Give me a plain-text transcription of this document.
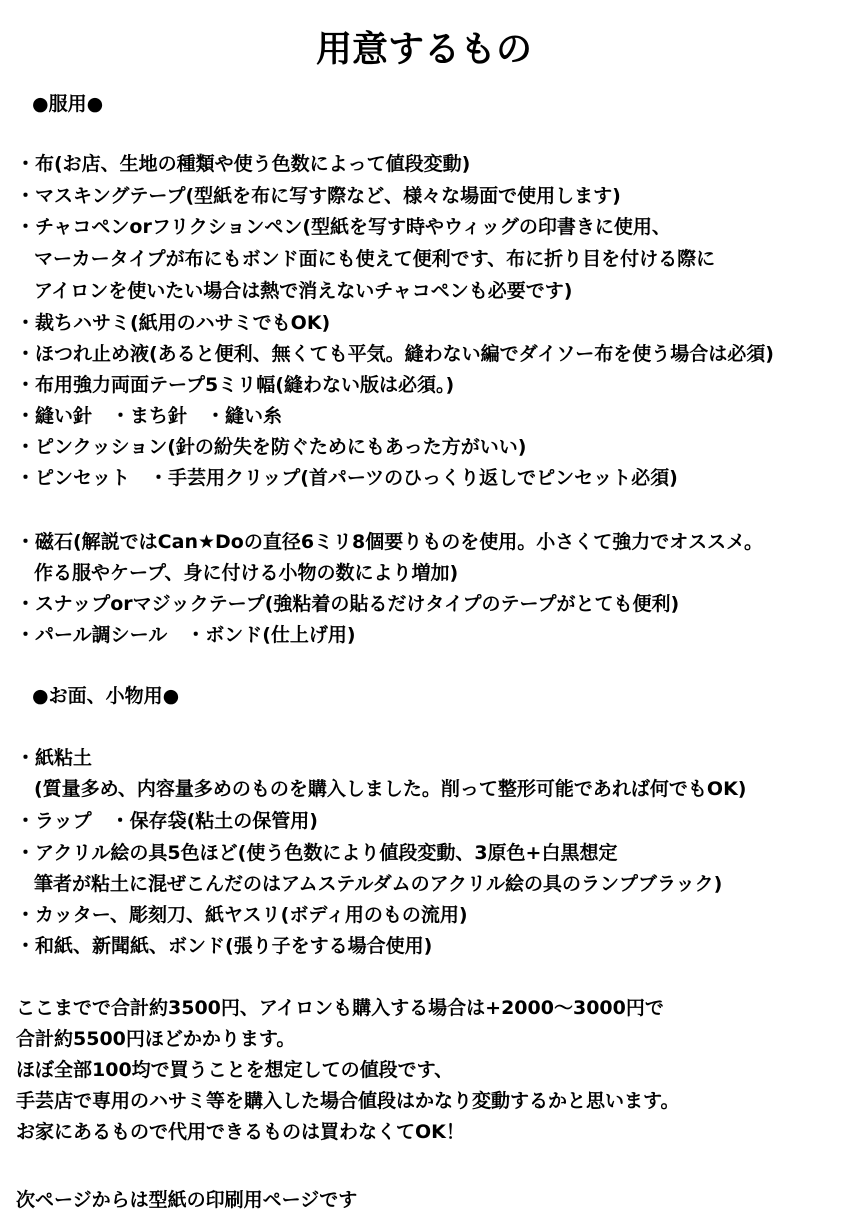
用意するもの
●服用●
・布(お店、生地の種類や使う色数によって値段変動)
・マスキングテープ(型紙を布に写す際など、様々な場面で使用します)
・チャコペンorフリクションペン(型紙を写す時やウィッグの印書きに使用、
マーカータイプが布にもボンド面にも使えて便利です、布に折り目を付ける際に
アイロンを使いたい場合は熱で消えないチャコペンも必要です)
・裁ちハサミ(紙用のハサミでもOK)
・ほつれ止め液(あると便利、無くても平気。縫わない編でダイソー布を使う場合は必須)
・布用強力両面テープ5ミリ幅(縫わない版は必須。)
・縫い針　・まち針　・縫い糸
・ピンクッション(針の紛失を防ぐためにもあった方がいい)
・ピンセット　・手芸用クリップ(首パーツのひっくり返しでピンセット必須)
・磁石(解説ではCan★Doの直径6ミリ8個要りものを使用。小さくて強力でオススメ。
作る服やケープ、身に付ける小物の数により増加)
・スナップorマジックテープ(強粘着の貼るだけタイプのテープがとても便利)
・パール調シール　・ボンド(仕上げ用)
●お面、小物用●
・紙粘土
(質量多め、内容量多めのものを購入しました。削って整形可能であれば何でもOK)
・ラップ　・保存袋(粘土の保管用)
・アクリル絵の具5色ほど(使う色数により値段変動、3原色+白黒想定
筆者が粘土に混ぜこんだのはアムステルダムのアクリル絵の具のランプブラック)
・カッター、彫刻刀、紙ヤスリ(ボディ用のもの流用)
・和紙、新聞紙、ボンド(張り子をする場合使用)
ここまでで合計約3500円、アイロンも購入する場合は+2000〜3000円で
合計約5500円ほどかかります。
ほぼ全部100均で買うことを想定しての値段です、
手芸店で専用のハサミ等を購入した場合値段はかなり変動するかと思います。
お家にあるもので代用できるものは買わなくてOK！
次ページからは型紙の印刷用ページです
